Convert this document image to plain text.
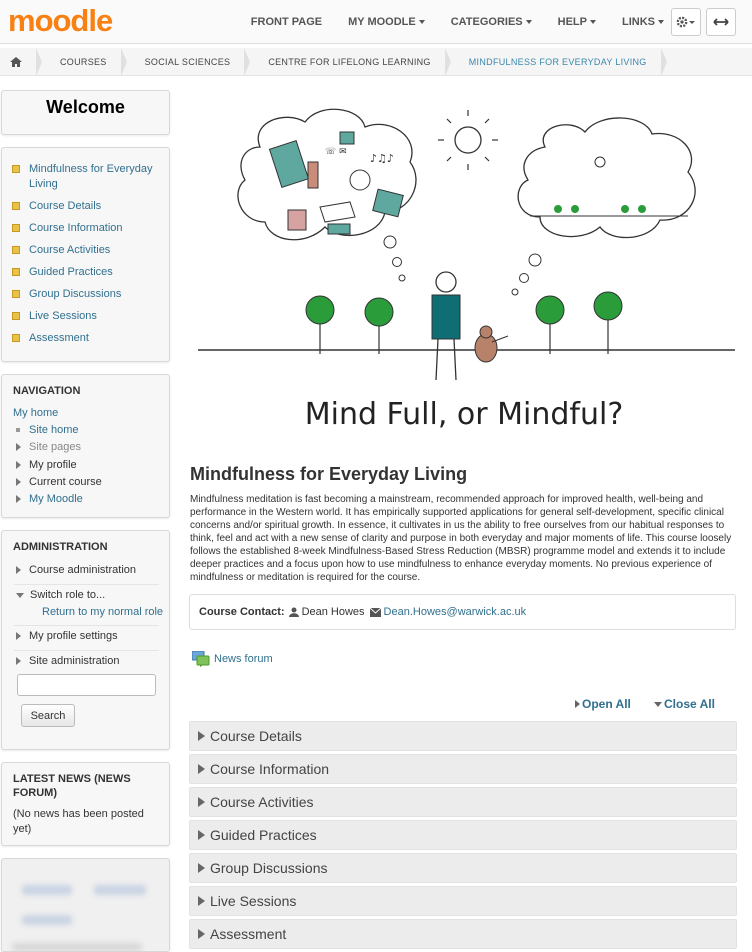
moodle	FRONT PAGE MY MOODLE	CATEGORIES	HELP	LINKS
COURSES	SOCIAL SCIENCES	CENTRE FOR LIFELONG LEARNING	MINDFULNESS FOR EVERYDAY LIVING
Welcome
Mindfulness for Everyday Living
Course Details
Course Information
Course Activities
Guided Practices
Group Discussions
Live Sessions
Assessment
NAVIGATION
My home
Site home
Site pages
My profile
Current course
My Moodle
ADMINISTRATION
Course administration
Switch role to...
Return to my normal role
My profile settings
Site administration
Search
LATEST NEWS (NEWS FORUM)
(No news has been posted yet)
♪♫♪
☏ ✉
Mind Full, or Mindful?
Mindfulness for Everyday Living
Mindfulness meditation is fast becoming a mainstream, recommended approach for improved health, well-being and performance in the Western world. It has empirically supported applications for general self-development, specific clinical concerns and/or spiritual growth. In essence, it cultivates in us the ability to free ourselves from our habitual responses to think, feel and act with a new sense of clarity and purpose in both everyday and major moments of life. This course loosely follows the established 8-week Mindfulness-Based Stress Reduction (MBSR) programme model and extends it to include deeper practices and a focus upon how to use mindfulness to enhance everyday moments. No previous experience of mindfulness or meditation is required for the course.
Course Contact: Dean Howes Dean.Howes@warwick.ac.uk
News forum
Open All	Close All
Course Details
Course Information
Course Activities
Guided Practices
Group Discussions
Live Sessions
Assessment
